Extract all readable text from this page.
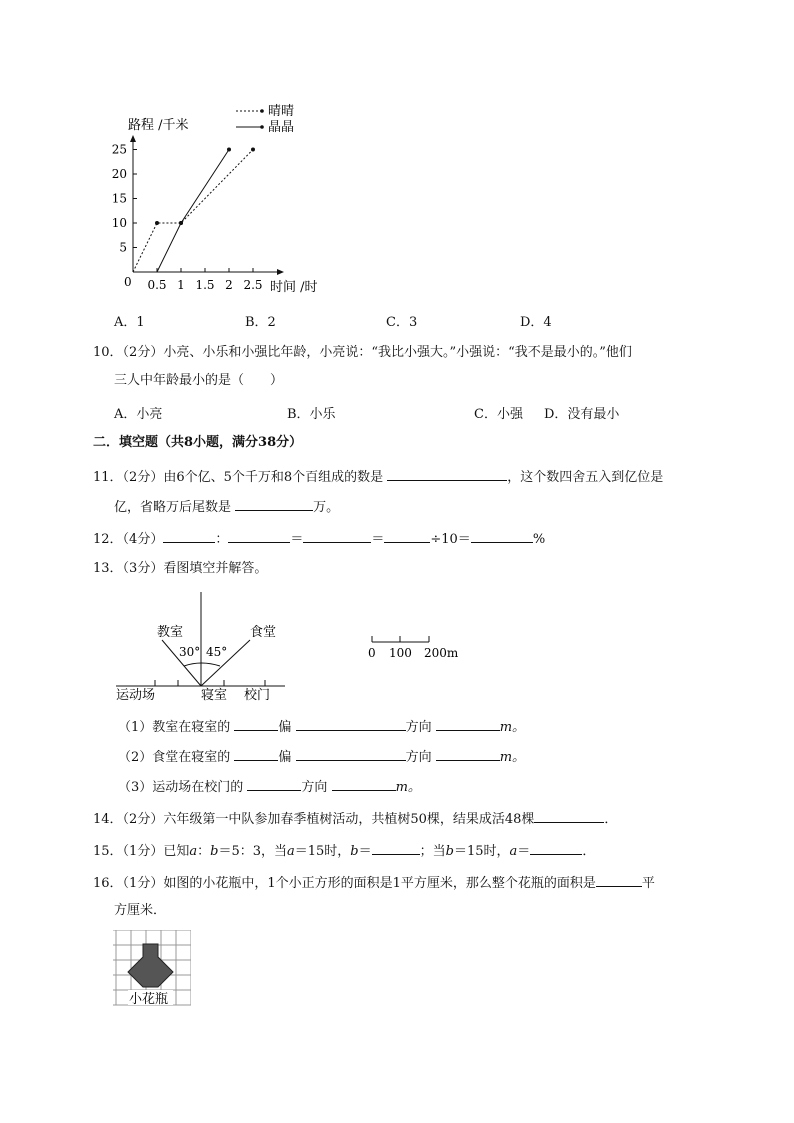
路程 /千米
5
10
15
20
25
0.5 1 1.5 2 2.5
0	时间 /时
晴晴
晶晶
A．1	B．2	C．3	D．4
10．（2分）小亮、小乐和小强比年龄，小亮说：“我比小强大。”小强说：“我不是最小的。”他们
三人中年龄最小的是（　　）
A．小亮	B．小乐	C．小强 D．没有最小
二．填空题（共8小题，满分38分）
11．（2分）由6个亿、5个千万和8个百组成的数是	，这个数四舍五入到亿位是
亿，省略万后尾数是	万。
12．（4分）	：	＝	＝	÷10＝	%
13．（3分）看图填空并解答。
教室	食堂
30° 45°
运动场	寝室 校门
0 100 200m
（1）教室在寝室的	偏	方向	m。
（2）食堂在寝室的	偏	方向	m。
（3）运动场在校门的	方向	m。
14．（2分）六年级第一中队参加春季植树活动，共植树50棵，结果成活48棵	．
15．（1分）已知a：b＝5：3，当a＝15时，b＝	；当b＝15时，a＝	．
16．（1分）如图的小花瓶中，1个小正方形的面积是1平方厘米，那么整个花瓶的面积是	平
方厘米．
小花瓶
